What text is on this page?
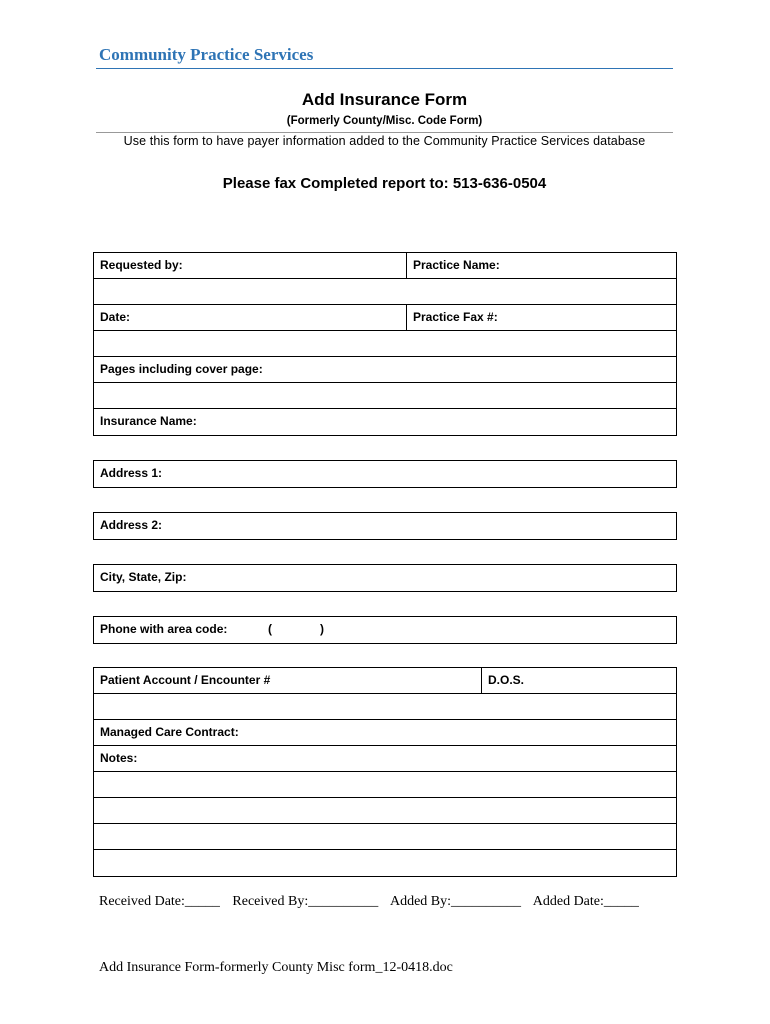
Community Practice Services
Add Insurance Form
(Formerly County/Misc. Code Form)
Use this form to have payer information added to the Community Practice Services database
Please fax Completed report to: 513-636-0504
Requested by:	Practice Name:
Date:	Practice Fax #:
Pages including cover page:
Insurance Name:
Address 1:
Address 2:
City, State, Zip:
Phone with area code:	(	)
Patient Account / Encounter #	D.O.S.
Managed Care Contract:
Notes:
Received Date:_____ Received By:__________ Added By:__________ Added Date:_____
Add Insurance Form-formerly County Misc form_12-0418.doc
